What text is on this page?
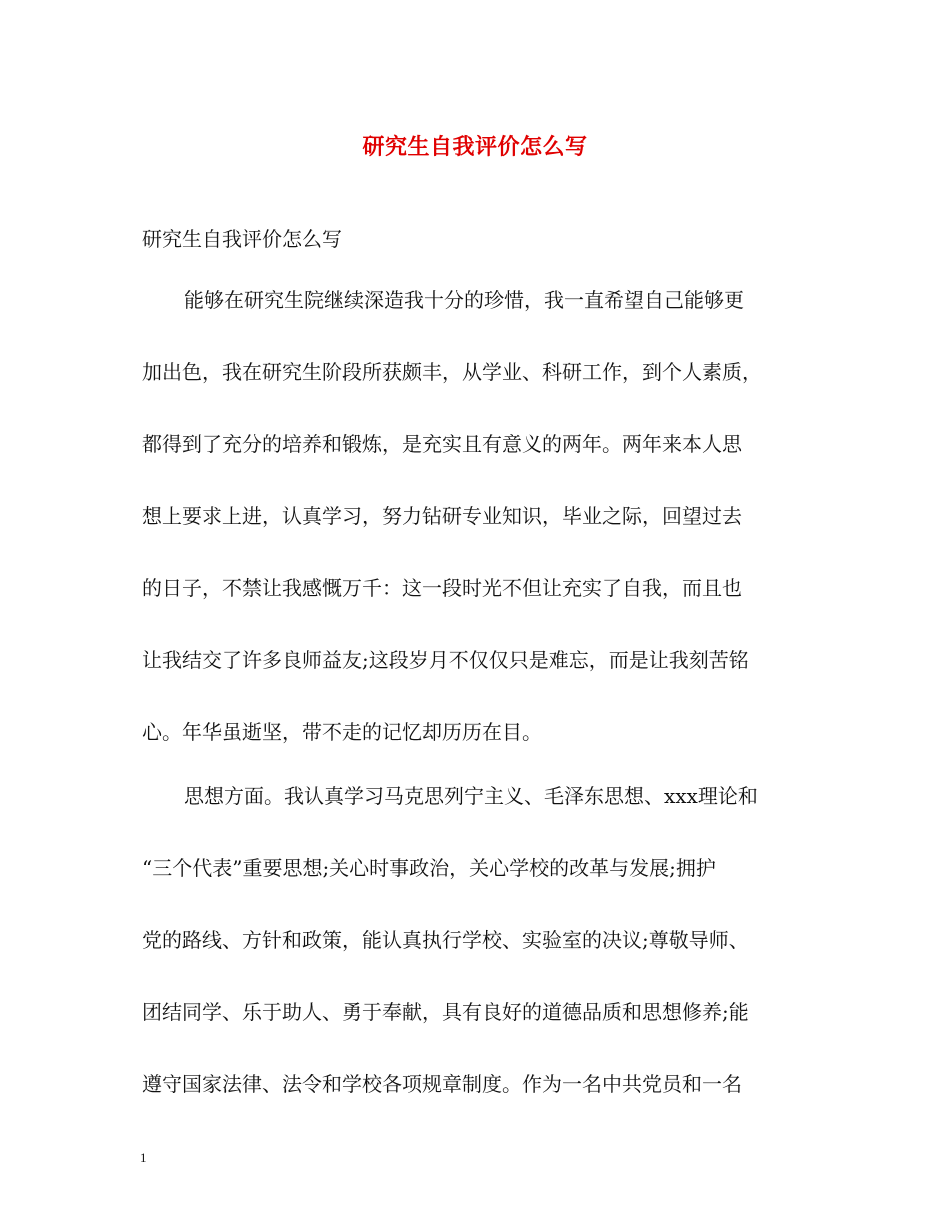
研究生自我评价怎么写
研究生自我评价怎么写
能够在研究生院继续深造我十分的珍惜，我一直希望自己能够更
加出色，我在研究生阶段所获颇丰，从学业、科研工作，到个人素质，
都得到了充分的培养和锻炼，是充实且有意义的两年。两年来本人思
想上要求上进，认真学习，努力钻研专业知识，毕业之际，回望过去
的日子，不禁让我感慨万千：这一段时光不但让充实了自我，而且也
让我结交了许多良师益友;这段岁月不仅仅只是难忘，而是让我刻苦铭
心。年华虽逝坚，带不走的记忆却历历在目。
思想方面。我认真学习马克思列宁主义、毛泽东思想、xxx理论和
“三个代表”重要思想;关心时事政治，关心学校的改革与发展;拥护
党的路线、方针和政策，能认真执行学校、实验室的决议;尊敬导师、
团结同学、乐于助人、勇于奉献，具有良好的道德品质和思想修养;能
遵守国家法律、法令和学校各项规章制度。作为一名中共党员和一名
1
